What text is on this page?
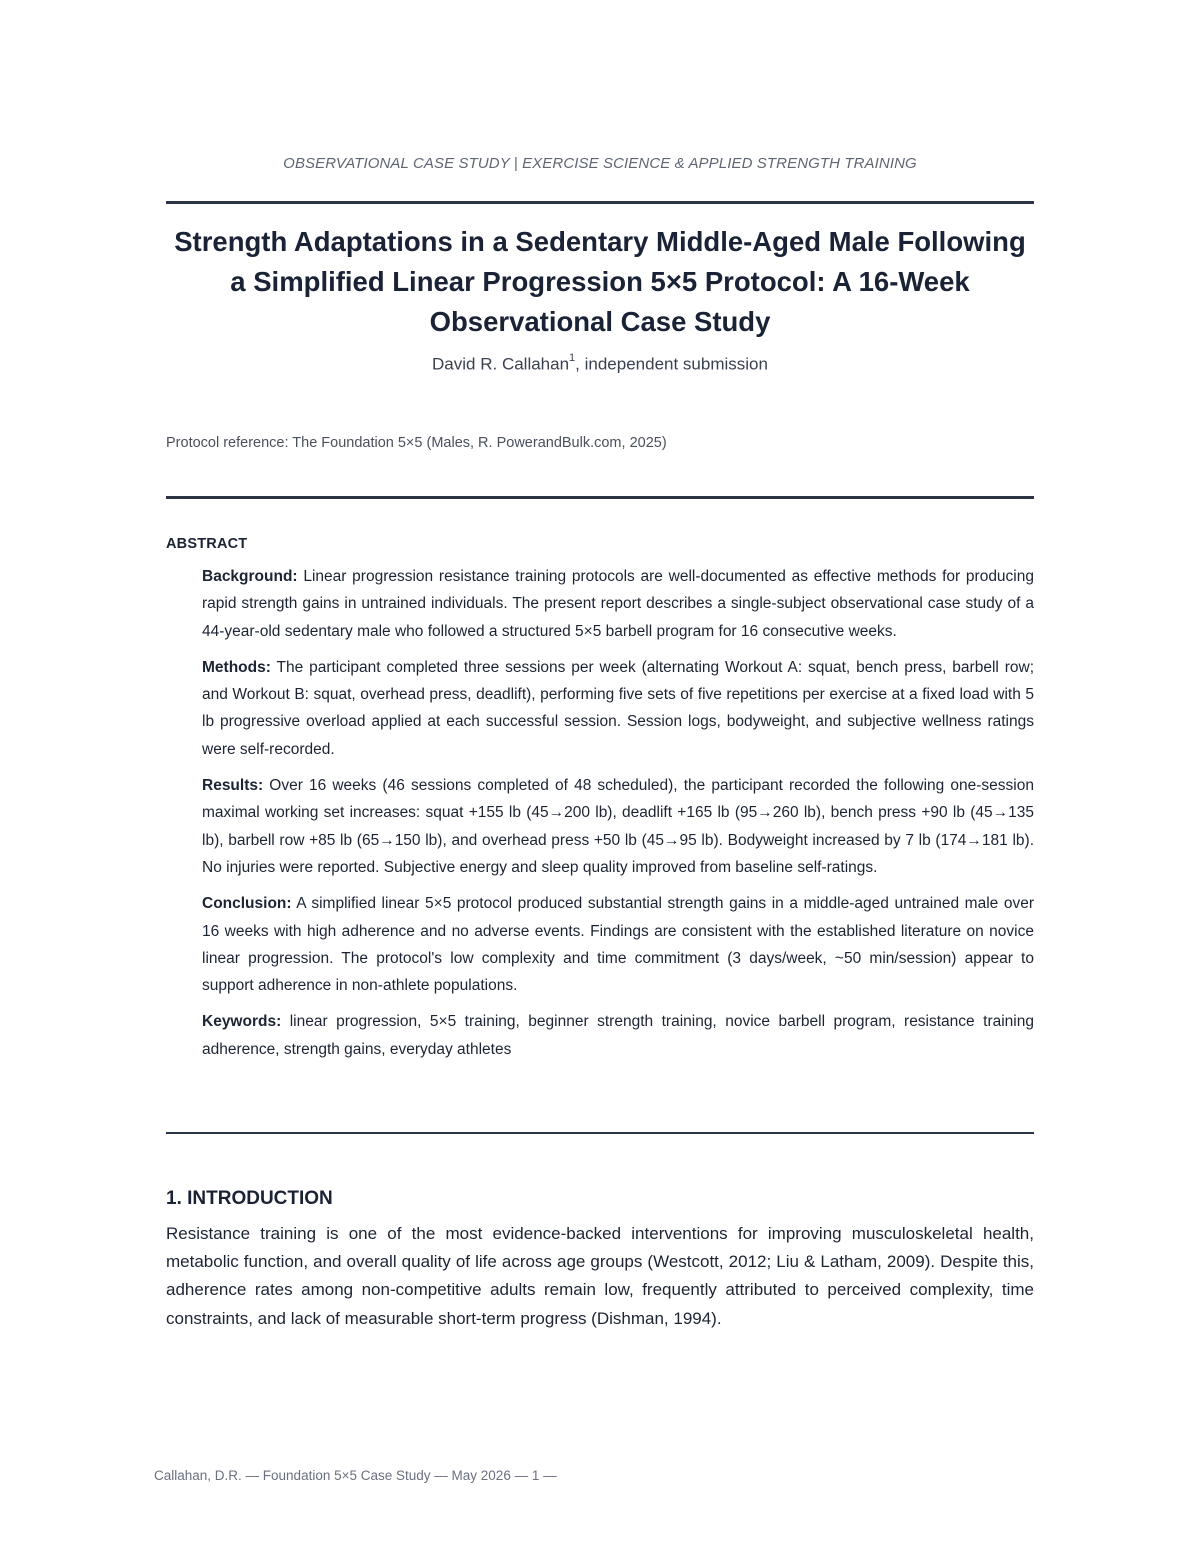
OBSERVATIONAL CASE STUDY | EXERCISE SCIENCE & APPLIED STRENGTH TRAINING
Strength Adaptations in a Sedentary Middle-Aged Male Following a Simplified Linear Progression 5×5 Protocol: A 16-Week Observational Case Study
David R. Callahan$^1$, independent submission
Protocol reference: The Foundation 5×5 (Males, R. PowerandBulk.com, 2025)
ABSTRACT

Background: Linear progression resistance training protocols are well-documented as effective methods for producing rapid strength gains in untrained individuals. The present report describes a single-subject observational case study of a 44-year-old sedentary male who followed a structured 5×5 barbell program for 16 consecutive weeks.

Methods: The participant completed three sessions per week (alternating Workout A: squat, bench press, barbell row; and Workout B: squat, overhead press, deadlift), performing five sets of five repetitions per exercise at a fixed load with 5 lb progressive overload applied at each successful session. Session logs, bodyweight, and subjective wellness ratings were self-recorded.

Results: Over 16 weeks (46 sessions completed of 48 scheduled), the participant recorded the following one-session maximal working set increases: squat +155 lb (45→200 lb), deadlift +165 lb (95→260 lb), bench press +90 lb (45→135 lb), barbell row +85 lb (65→150 lb), and overhead press +50 lb (45→95 lb). Bodyweight increased by 7 lb (174→181 lb). No injuries were reported. Subjective energy and sleep quality improved from baseline self-ratings.

Conclusion: A simplified linear 5×5 protocol produced substantial strength gains in a middle-aged untrained male over 16 weeks with high adherence and no adverse events. Findings are consistent with the established literature on novice linear progression. The protocol's low complexity and time commitment (3 days/week, ~50 min/session) appear to support adherence in non-athlete populations.

Keywords: linear progression, 5×5 training, beginner strength training, novice barbell program, resistance training adherence, strength gains, everyday athletes

1. INTRODUCTION

Resistance training is one of the most evidence-backed interventions for improving musculoskeletal health, metabolic function, and overall quality of life across age groups (Westcott, 2012; Liu & Latham, 2009). Despite this, adherence rates among non-competitive adults remain low, frequently attributed to perceived complexity, time constraints, and lack of measurable short-term progress (Dishman, 1994).

Callahan, D.R. — Foundation 5×5 Case Study — May 2026 — 1 —
